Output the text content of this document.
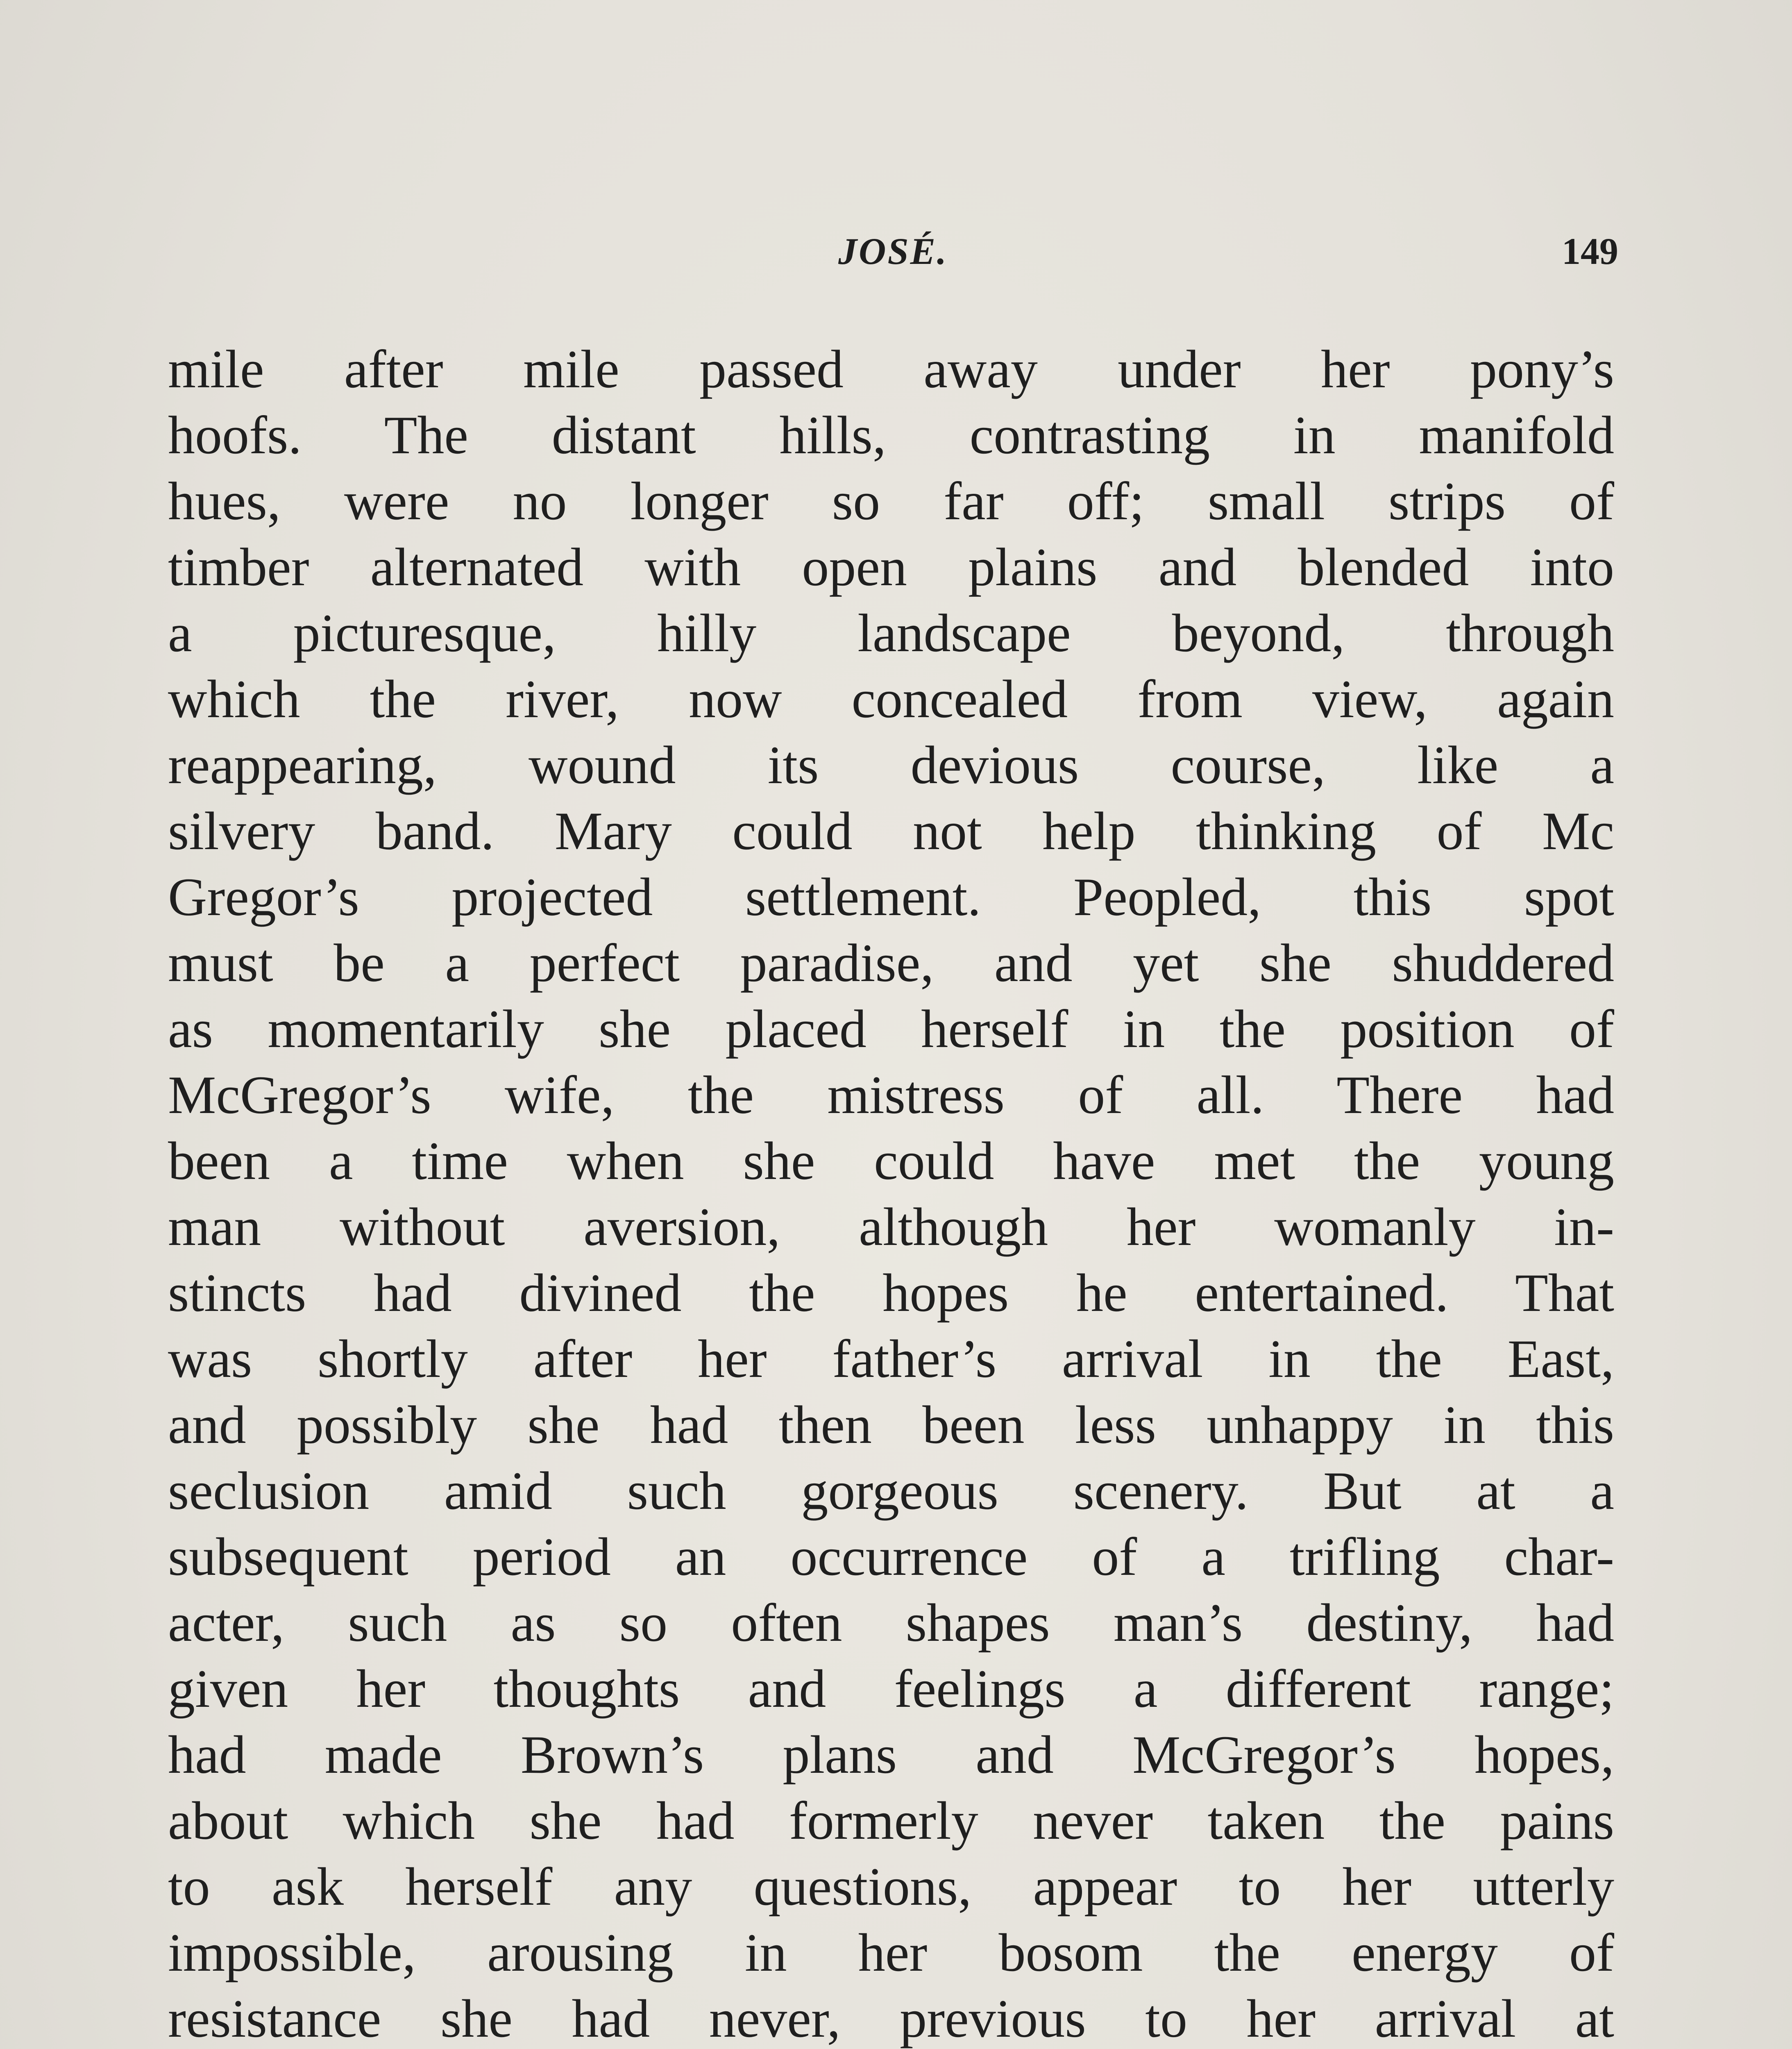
JOSÉ.	149
mile after mile passed away under her pony’s
hoofs. The distant hills, contrasting in manifold
hues, were no longer so far off; small strips of
timber alternated with open plains and blended into
a picturesque, hilly landscape beyond, through
which the river, now concealed from view, again
reappearing, wound its devious course, like a
silvery band. Mary could not help thinking of Mc
Gregor’s projected settlement. Peopled, this spot
must be a perfect paradise, and yet she shuddered
as momentarily she placed herself in the position of
McGregor’s wife, the mistress of all. There had
been a time when she could have met the young
man without aversion, although her womanly in-
stincts had divined the hopes he entertained. That
was shortly after her father’s arrival in the East,
and possibly she had then been less unhappy in this
seclusion amid such gorgeous scenery. But at a
subsequent period an occurrence of a trifling char-
acter, such as so often shapes man’s destiny, had
given her thoughts and feelings a different range;
had made Brown’s plans and McGregor’s hopes,
about which she had formerly never taken the pains
to ask herself any questions, appear to her utterly
impossible, arousing in her bosom the energy of
resistance she had never, previous to her arrival at
